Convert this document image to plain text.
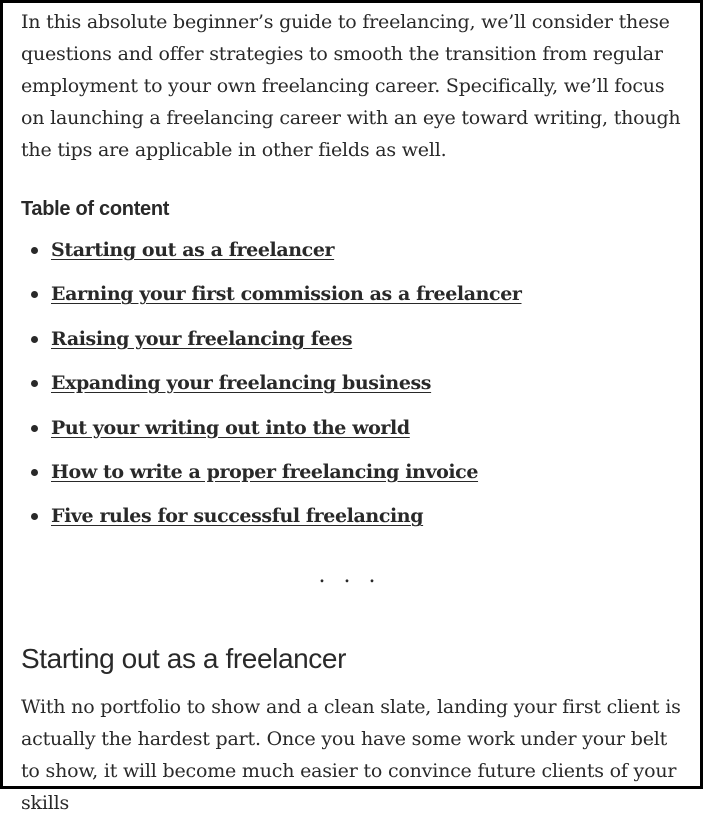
In this absolute beginner’s guide to freelancing, we’ll consider these questions and offer strategies to smooth the transition from regular employment to your own freelancing career. Specifically, we’ll focus on launching a freelancing career with an eye toward writing, though the tips are applicable in other fields as well.

Table of content
Starting out as a freelancer
Earning your first commission as a freelancer
Raising your freelancing fees
Expanding your freelancing business
Put your writing out into the world
How to write a proper freelancing invoice
Five rules for successful freelancing
...
Starting out as a freelancer

With no portfolio to show and a clean slate, landing your first client is actually the hardest part. Once you have some work under your belt to show, it will become much easier to convince future clients of your skills
